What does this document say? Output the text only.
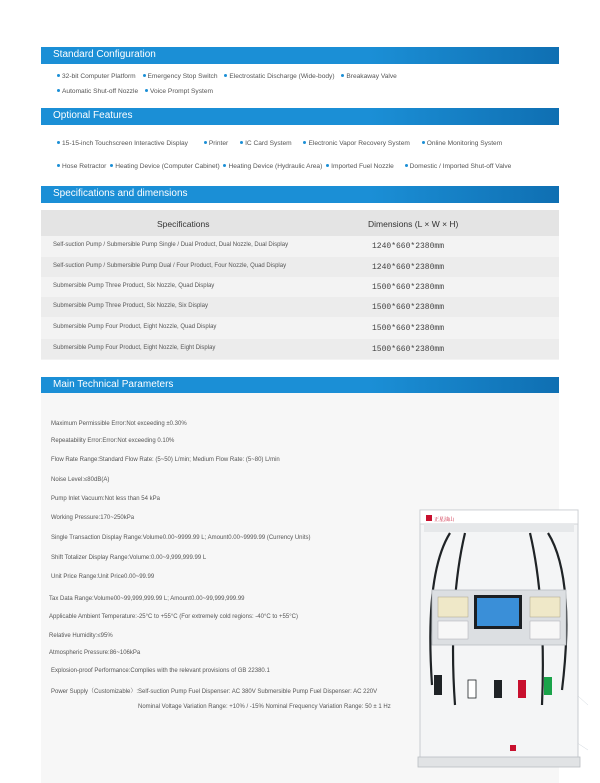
Standard Configuration
32-bit Computer Platform Emergency Stop Switch Electrostatic Discharge (Wide-body) Breakaway Valve
Automatic Shut-off Nozzle Voice Prompt System
Optional Features
15-15-inch Touchscreen Interactive Display	Printer	IC Card System	Electronic Vapor Recovery System	Online Monitoring System
Hose Retractor Heating Device (Computer Cabinet) Heating Device (Hydraulic Area) Imported Fuel Nozzle Domestic / Imported Shut-off Valve
Specifications and dimensions
Specifications	Dimensions (L × W × H)
Self-suction Pump / Submersible Pump Single / Dual Product, Dual Nozzle, Dual Display	1240*660*2380mm
Self-suction Pump / Submersible Pump Dual / Four Product, Four Nozzle, Quad Display	1240*660*2380mm
Submersible Pump Three Product, Six Nozzle, Quad Display	1500*660*2380mm
Submersible Pump Three Product, Six Nozzle, Six Display	1500*660*2380mm
Submersible Pump Four Product, Eight Nozzle, Quad Display	1500*660*2380mm
Submersible Pump Four Product, Eight Nozzle, Eight Display	1500*660*2380mm
Main Technical Parameters
Maximum Permissible Error:Not exceeding ±0.30%
Repeatability Error:Error:Not exceeding 0.10%
Flow Rate Range:Standard Flow Rate: (5~50) L/min; Medium Flow Rate: (5~80) L/min
Noise Level:≤80dB(A)
Pump Inlet Vacuum:Not less than 54 kPa
Working Pressure:170~250kPa
Single Transaction Display Range:Volume0.00~9999.99 L; Amount0.00~9999.99 (Currency Units)
Shift Totalizer Display Range:Volume:0.00~9,999,999.99 L
Unit Price Range:Unit Price0.00~99.99
Tax Data Range:Volume00~99,999,999.99 L; Amount0.00~99,999,999.99
Applicable Ambient Temperature:-25°C to +55°C (For extremely cold regions: -40°C to +55°C)
Relative Humidity:≤95%
Atmospheric Pressure:86~106kPa
Explosion-proof Performance:Complies with the relevant provisions of GB 22380.1
Power Supply（Customizable）:Self-suction Pump Fuel Dispenser: AC 380V Submersible Pump Fuel Dispenser: AC 220V
Nominal Voltage Variation Range: +10% / -15% Nominal Frequency Variation Range: 50 ± 1 Hz
正星油山
